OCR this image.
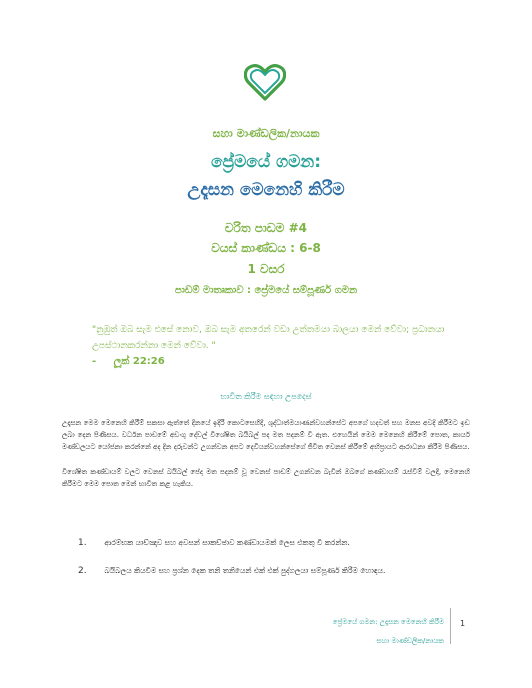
සහා මාණ්ඩලික/නායක
ප්‍රේමයේ ගමන:
උදෑසන මෙනෙහි කිරීම
චරිත පාඩම #4
වයස් කාණ්ඩය : 6-8
1 වසර
පාඩම් මාතෘකාව : ප්‍රේමයේ සම්පූර්ණ ගමන
"නුඹුත් ඔබ සැම එසේ නොව, ඔබ සැම අතරෙන් වඩා උත්තමයා බාලයා මෙන් වේවා; ප්‍රධානයා උපස්ථානකරන්නා මෙන් වේවා. "
- ලූක් 22:26
භාවිත කිරීම සඳහා උපදෙස්
උදෑසන මෙම මෙනෙහි කිරීම් සකසා ඇත්තේ දිනයේ ඉදිරි කොටසෙහිදී, ශුද්ධාත්මයාණන්වහන්සේට අපගේ හදවත් සහ මනස අවදි කිරීමට ඉඩ ලබා දෙන පිණිසය. වර්ධන පාඩමේ අඩංගු දේවල් විශේෂිත බයිබල් පද මත පදනම් වී ඇත. එහෙයින් මෙම මෙනෙහි කිරීමේ පොත, කාර්ය මණ්ඩලයට යෝජනා කරන්නේ අද දින දරුවන්ට උගන්වන අපට දෙවියන්වහන්සේගේ ජීවිත වෙනස් කිරීමේ අභිප්‍රායට ආරාධනා කිරීම පිණිසය.
විශේෂිත කණ්ඩායම් වලට වෙනස් බයිබල් පේද මත පදනම් වූ වෙනස් පාඩම් උගන්වන බැවින් ඔබගේ කණ්ඩායම් රැස්වීම් වලදී, මෙනෙහි කිරීමට මෙම පොත මෙන් භාවිත කළ හැකිය.
1. ආරම්භක යාච්ඤාව සහ අවසන් සාකච්ඡාව කණ්ඩායමක් ලෙස එකතු වී කරන්න.
2. බයිබලය කියවීම සහ ප්‍රශ්න දෙක තනි තනියෙන් එක් එක් පුද්ගලයා සම්පූර්ණ කිරීම හොඳය.
ප්‍රේමයේ ගමන: උදෑසන මෙනෙහි කිරීම
සහා මාණ්ඩලික/නායක
1
